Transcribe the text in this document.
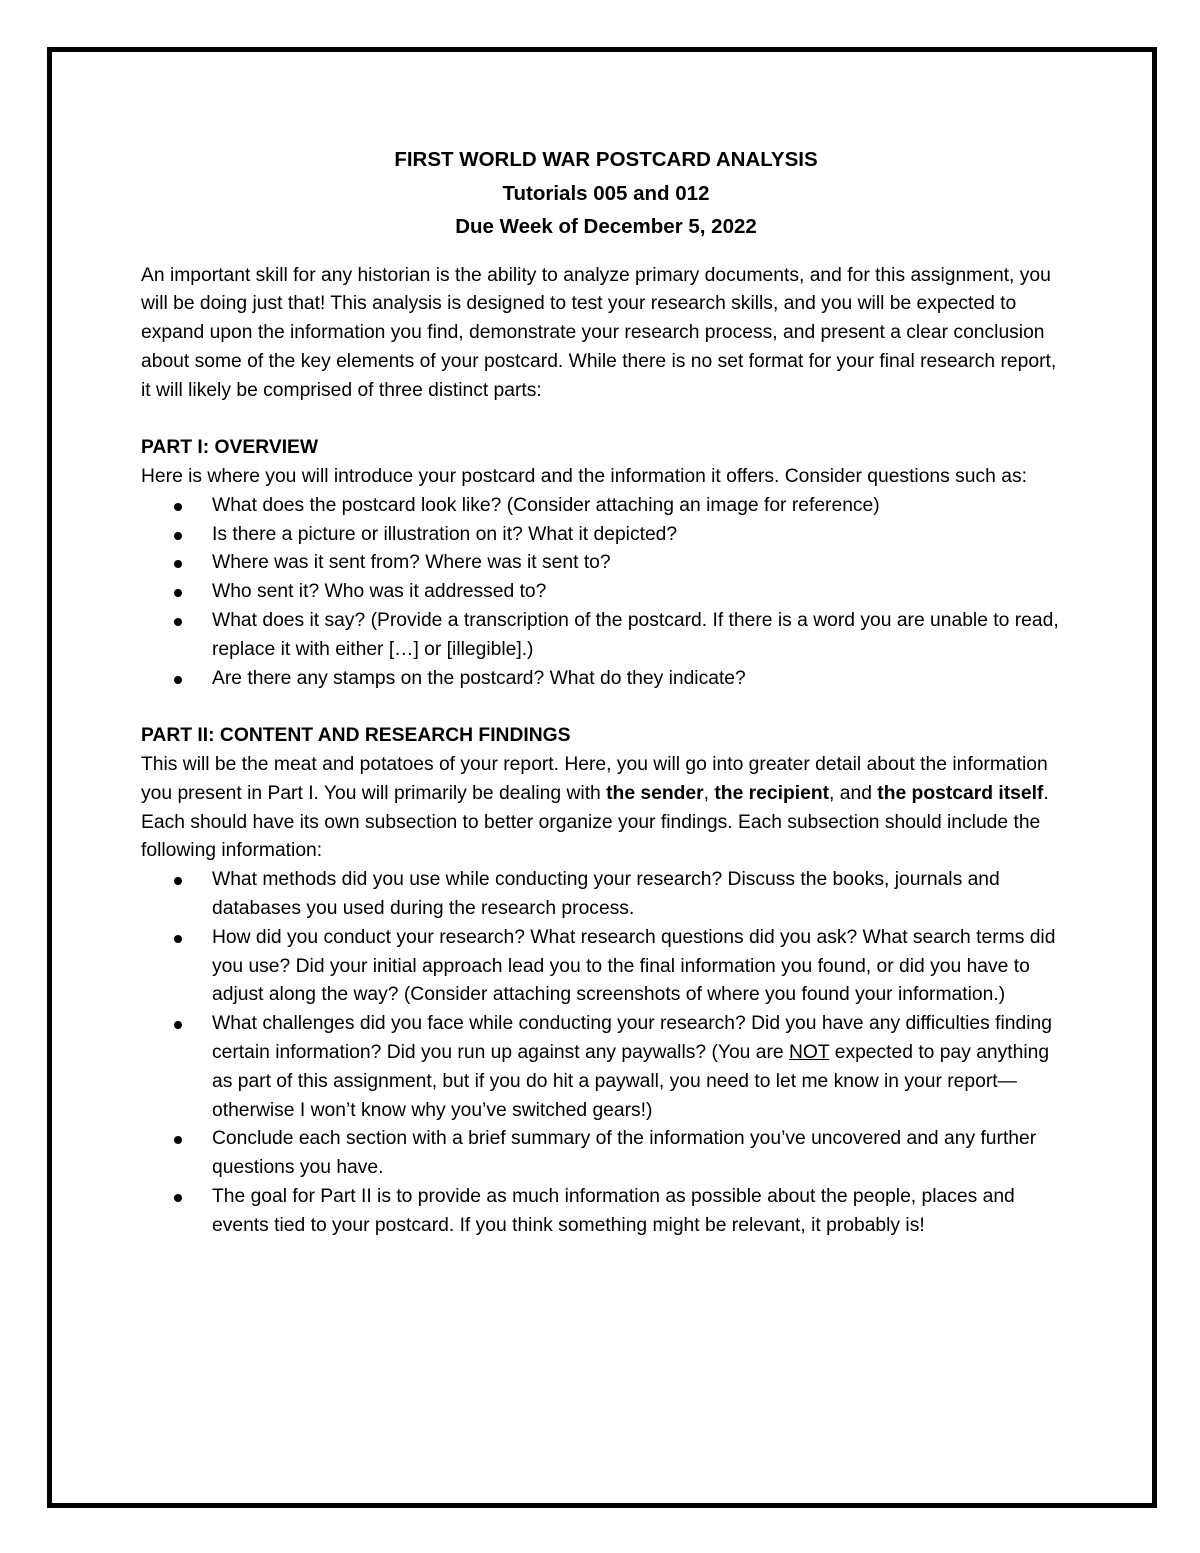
FIRST WORLD WAR POSTCARD ANALYSIS
Tutorials 005 and 012
Due Week of December 5, 2022

An important skill for any historian is the ability to analyze primary documents, and for this assignment, you will be doing just that! This analysis is designed to test your research skills, and you will be expected to expand upon the information you find, demonstrate your research process, and present a clear conclusion about some of the key elements of your postcard. While there is no set format for your final research report, it will likely be comprised of three distinct parts:

PART I: OVERVIEW

Here is where you will introduce your postcard and the information it offers. Consider questions such as:

What does the postcard look like? (Consider attaching an image for reference)
Is there a picture or illustration on it? What it depicted?
Where was it sent from? Where was it sent to?
Who sent it? Who was it addressed to?
What does it say? (Provide a transcription of the postcard. If there is a word you are unable to read, replace it with either […] or [illegible].)
Are there any stamps on the postcard? What do they indicate?

PART II: CONTENT AND RESEARCH FINDINGS

This will be the meat and potatoes of your report. Here, you will go into greater detail about the information you present in Part I. You will primarily be dealing with the sender, the recipient, and the postcard itself. Each should have its own subsection to better organize your findings. Each subsection should include the following information:

What methods did you use while conducting your research? Discuss the books, journals and databases you used during the research process.
How did you conduct your research? What research questions did you ask? What search terms did you use? Did your initial approach lead you to the final information you found, or did you have to adjust along the way? (Consider attaching screenshots of where you found your information.)
What challenges did you face while conducting your research? Did you have any difficulties finding certain information? Did you run up against any paywalls? (You are NOT expected to pay anything as part of this assignment, but if you do hit a paywall, you need to let me know in your report—otherwise I won’t know why you’ve switched gears!)
Conclude each section with a brief summary of the information you’ve uncovered and any further questions you have.
The goal for Part II is to provide as much information as possible about the people, places and events tied to your postcard. If you think something might be relevant, it probably is!
